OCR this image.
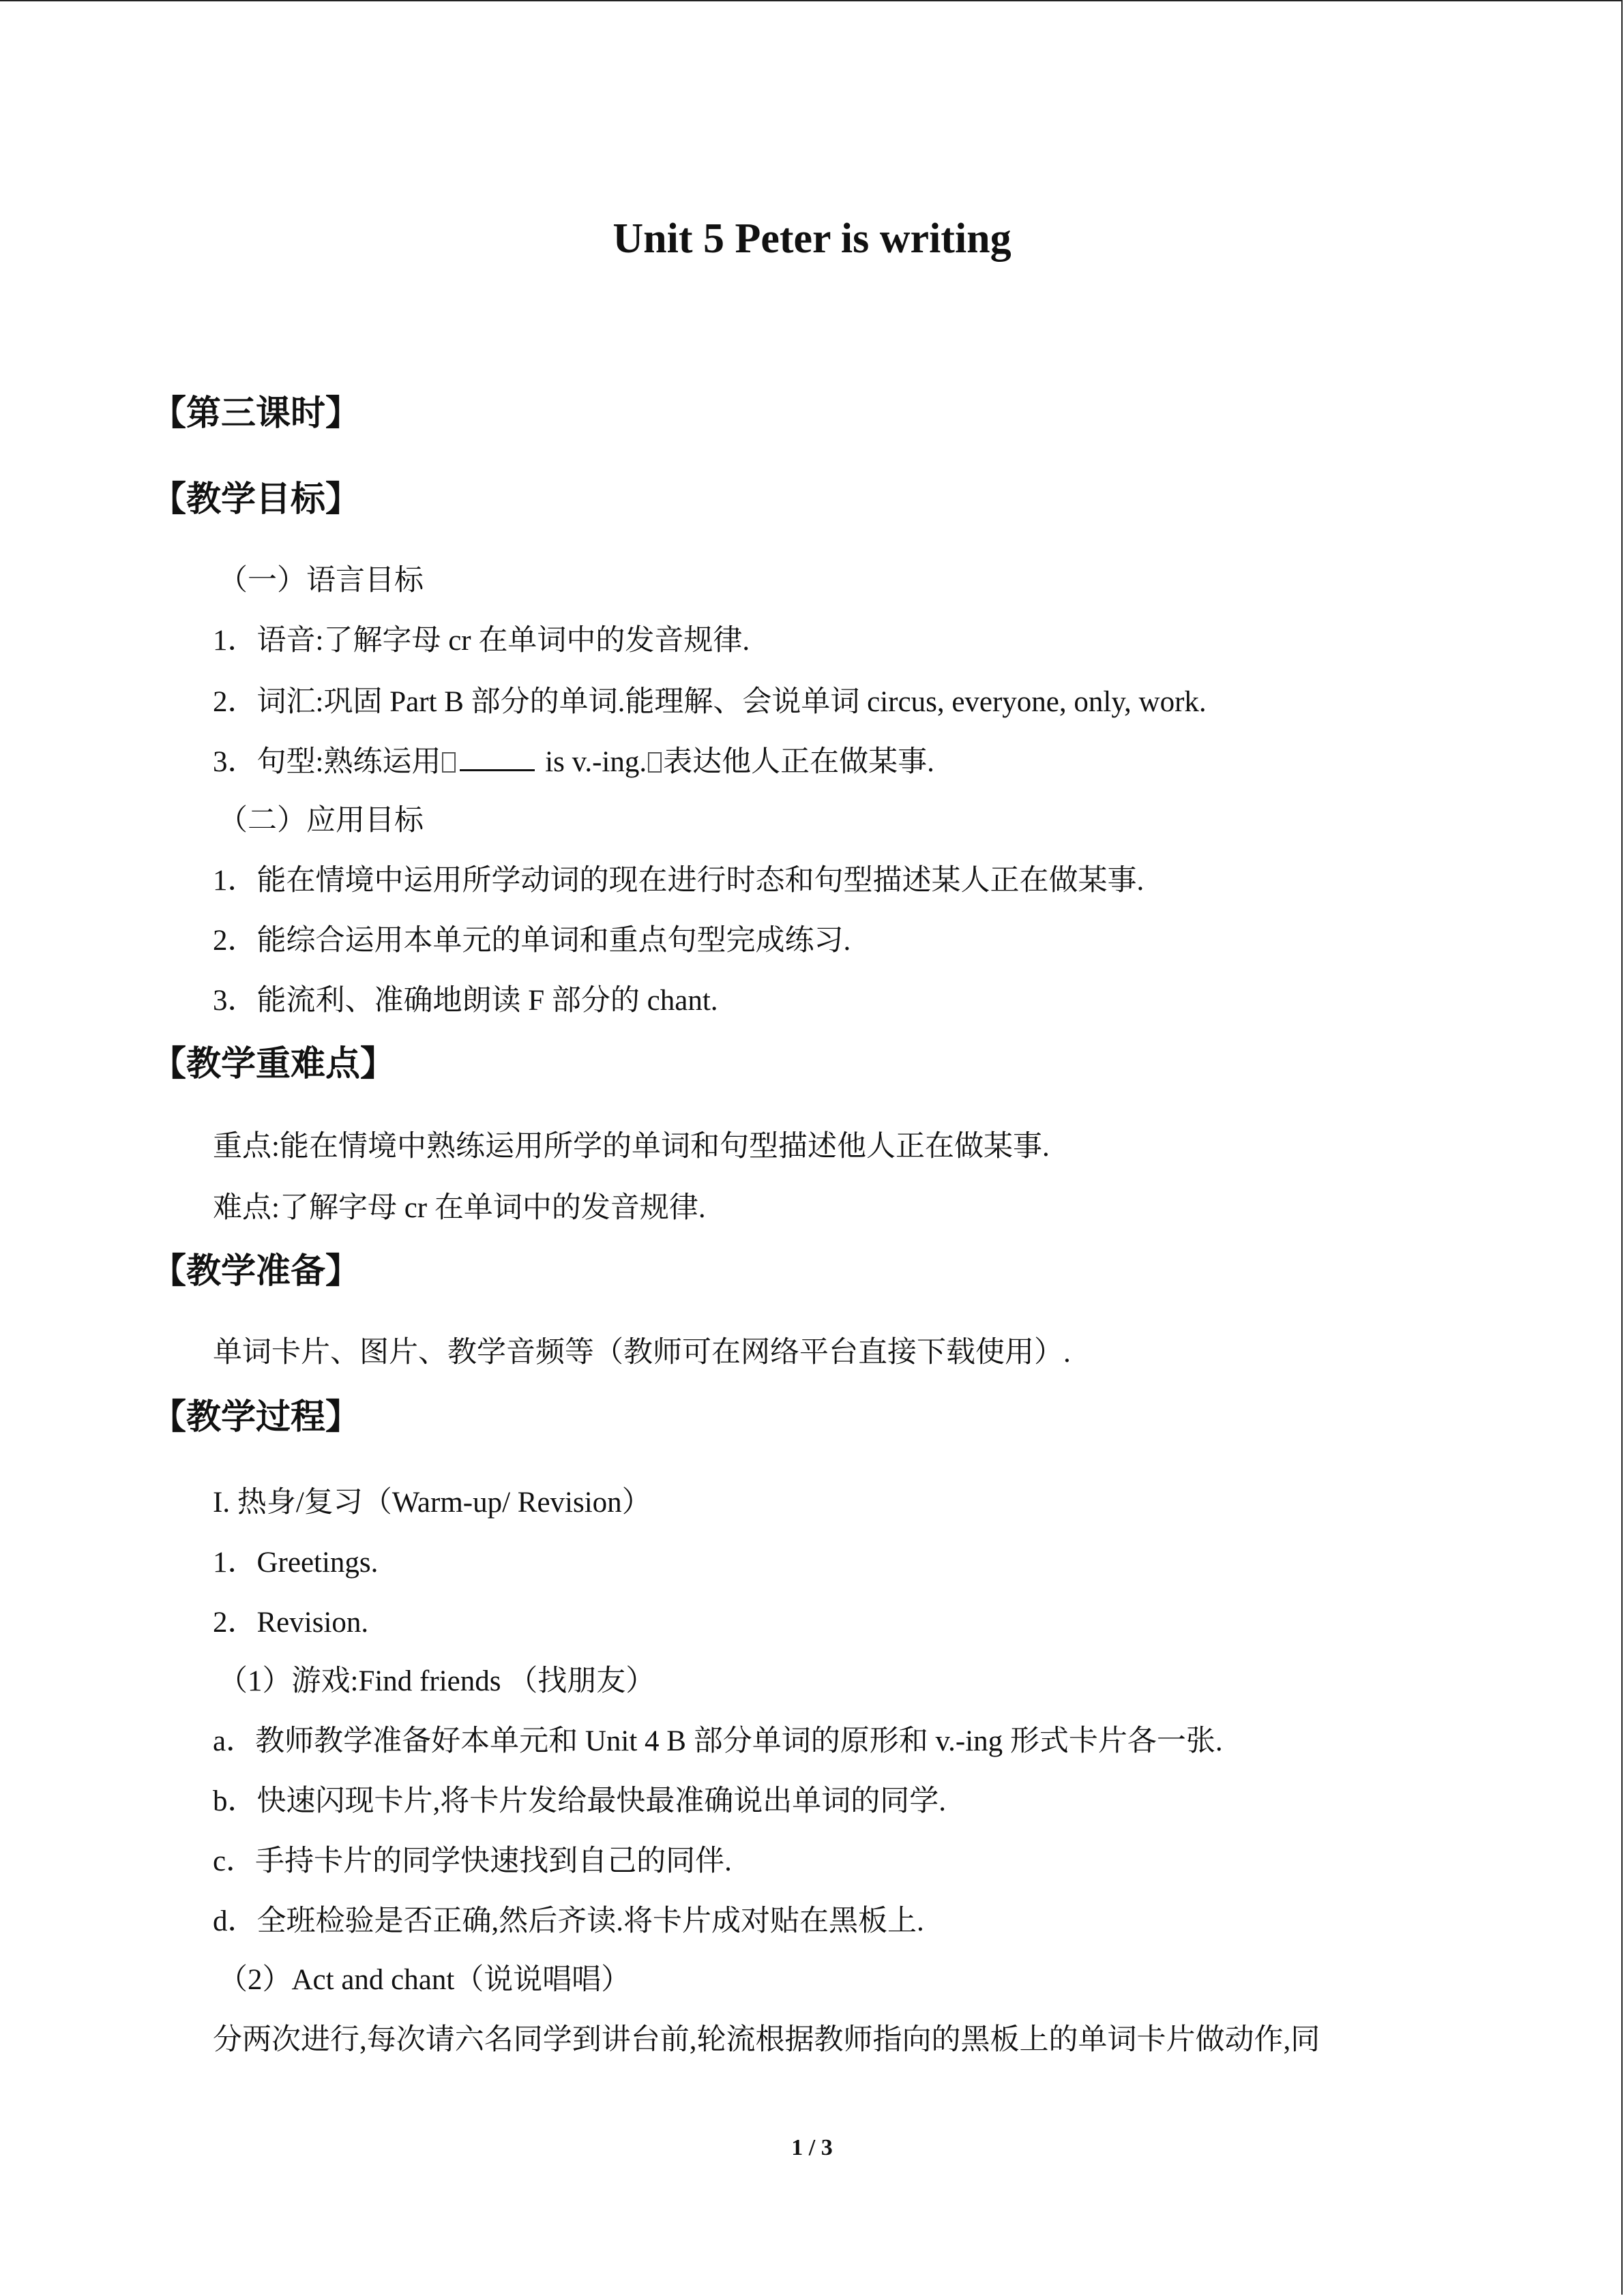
Unit 5 Peter is writing
【第三课时】
【教学目标】
（一）语言目标
1．语音:了解字母 cr 在单词中的发音规律.
2．词汇:巩固 Part B 部分的单词.能理解、会说单词 circus, everyone, only, work.
3．句型:熟练运用	is v.-ing. 表达他人正在做某事.
（二）应用目标
1．能在情境中运用所学动词的现在进行时态和句型描述某人正在做某事.
2．能综合运用本单元的单词和重点句型完成练习.
3．能流利、准确地朗读 F 部分的 chant.
【教学重难点】
重点:能在情境中熟练运用所学的单词和句型描述他人正在做某事.
难点:了解字母 cr 在单词中的发音规律.
【教学准备】
单词卡片、图片、教学音频等（教师可在网络平台直接下载使用）.
【教学过程】
I. 热身/复习（Warm-up/ Revision）
1．Greetings.
2．Revision.
（1）游戏:Find friends （找朋友）
a．教师教学准备好本单元和 Unit 4 B 部分单词的原形和 v.-ing 形式卡片各一张.
b．快速闪现卡片,将卡片发给最快最准确说出单词的同学.
c．手持卡片的同学快速找到自己的同伴.
d．全班检验是否正确,然后齐读.将卡片成对贴在黑板上.
（2）Act and chant（说说唱唱）
分两次进行,每次请六名同学到讲台前,轮流根据教师指向的黑板上的单词卡片做动作,同
1 / 3
